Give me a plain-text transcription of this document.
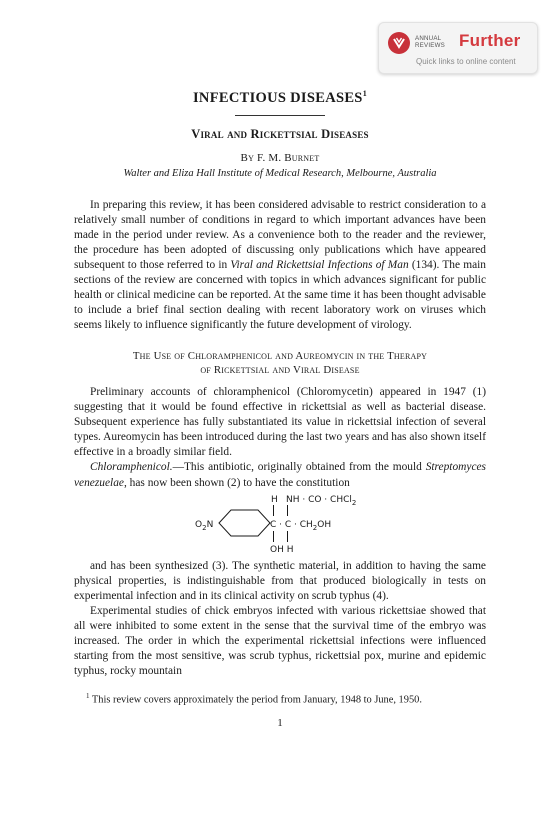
ANNUAL
REVIEWS Further
Quick links to online content
INFECTIOUS DISEASES$^1$
Viral and Rickettsial Diseases
By F. M. Burnet
Walter and Eliza Hall Institute of Medical Research, Melbourne, Australia

In preparing this review, it has been considered advisable to restrict consideration to a relatively small number of conditions in regard to which important advances have been made in the period under review. As a convenience both to the reader and the reviewer, the procedure has been adopted of discussing only publications which have appeared subsequent to those referred to in Viral and Rickettsial Infections of Man (134). The main sections of the review are concerned with topics in which advances significant for public health or clinical medicine can be reported. At the same time it has been thought advisable to include a brief final section dealing with recent laboratory work on viruses which seems likely to influence significantly the future development of virology.

The Use of Chloramphenicol and Aureomycin in the Therapy
of Rickettsial and Viral Disease

Preliminary accounts of chloramphenicol (Chloromycetin) appeared in 1947 (1) suggesting that it would be found effective in rickettsial as well as bacterial disease. Subsequent experience has fully substantiated its value in rickettsial infection of several types. Aureomycin has been introduced during the last two years and has also shown itself effective in a broadly similar field.

Chloramphenicol.—This antibiotic, originally obtained from the mould Streptomyces venezuelae, has now been shown (2) to have the constitution

H NH · CO · CHCl$_2$
$O_2N$	$C \cdot C \cdot CH_2OH$
OH H

and has been synthesized (3). The synthetic material, in addition to having the same physical properties, is indistinguishable from that produced biologically in tests on experimental infection and in its clinical activity on scrub typhus (4).

Experimental studies of chick embryos infected with various rickettsiae showed that all were inhibited to some extent in the sense that the survival time of the embryo was increased. The order in which the experimental rickettsial infections were influenced starting from the most sensitive, was scrub typhus, rickettsial pox, murine and epidemic typhus, rocky mountain

$^1$ This review covers approximately the period from January, 1948 to June, 1950.
1
